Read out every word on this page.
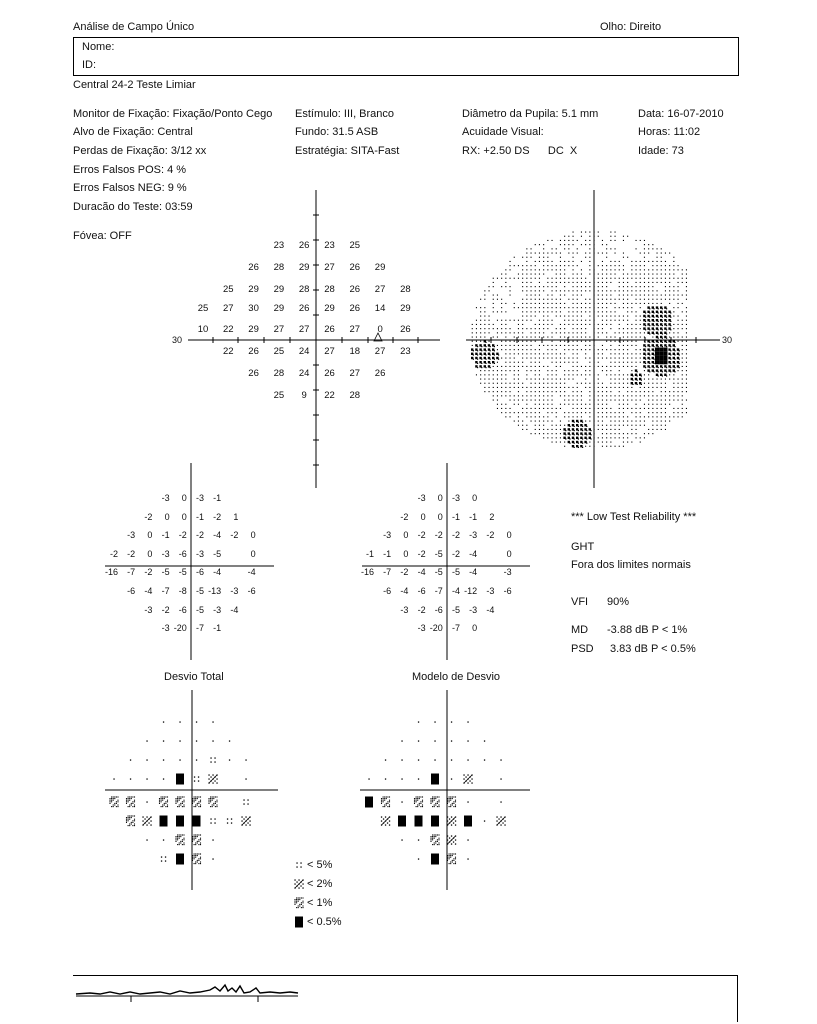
Análise de Campo Único	Olho: Direito
Nome:
ID:
Central 24-2 Teste Limiar
Monitor de Fixação: Fixação/Ponto Cego
Alvo de Fixação: Central
Perdas de Fixação: 3/12 xx
Erros Falsos POS: 4 %
Erros Falsos NEG: 9 %
Duracão do Teste: 03:59
Fóvea: OFF
Estímulo: III, Branco
Fundo: 31.5 ASB
Estratégia: SITA-Fast
Diâmetro da Pupila: 5.1 mm
Acuidade Visual:
RX: +2.50 DS      DC  X
Data: 16-07-2010
Horas: 11:02
Idade: 73
30	30
23	26	23	25
26	28	29	27	26	29
25	29	29	28	28	26	27	28
25	27	30	29	26	29	26	14	29
10	22	29	27	27	26	27	0	26
22	26	25	24	27	18	27	23
26	28	24	26	27	26
25	9	22	28
-3	0	-3	-1
-2	0	0	-1	-2	1
-3	0	-1	-2	-2	-4	-2	0
-2	-2	0	-3	-6	-3	-5	0
-16	-7	-2	-5	-5	-6	-4	-4
-6	-4	-7	-8	-5 -13	-3	-6
-3	-2	-6	-5	-3	-4
-3 -20	-7	-1
-3	0	-3	0
-2	0	0	-1	-1	2
-3	0	-2	-2	-2	-3	-2	0
-1	-1	0	-2	-5	-2	-4	0
-16	-7	-2	-4	-5	-5	-4	-3
-6	-4	-6	-7	-4 -12	-3	-6
-3	-2	-6	-5	-3	-4
-3 -20	-7	0
*** Low Test Reliability ***
GHT
Fora dos limites normais
VFI 90%
MD -3.88 dB P < 1%
PSD 3.83 dB P < 0.5%
Desvio Total	Modelo de Desvio
< 5%
< 2%
< 1%
< 0.5%
